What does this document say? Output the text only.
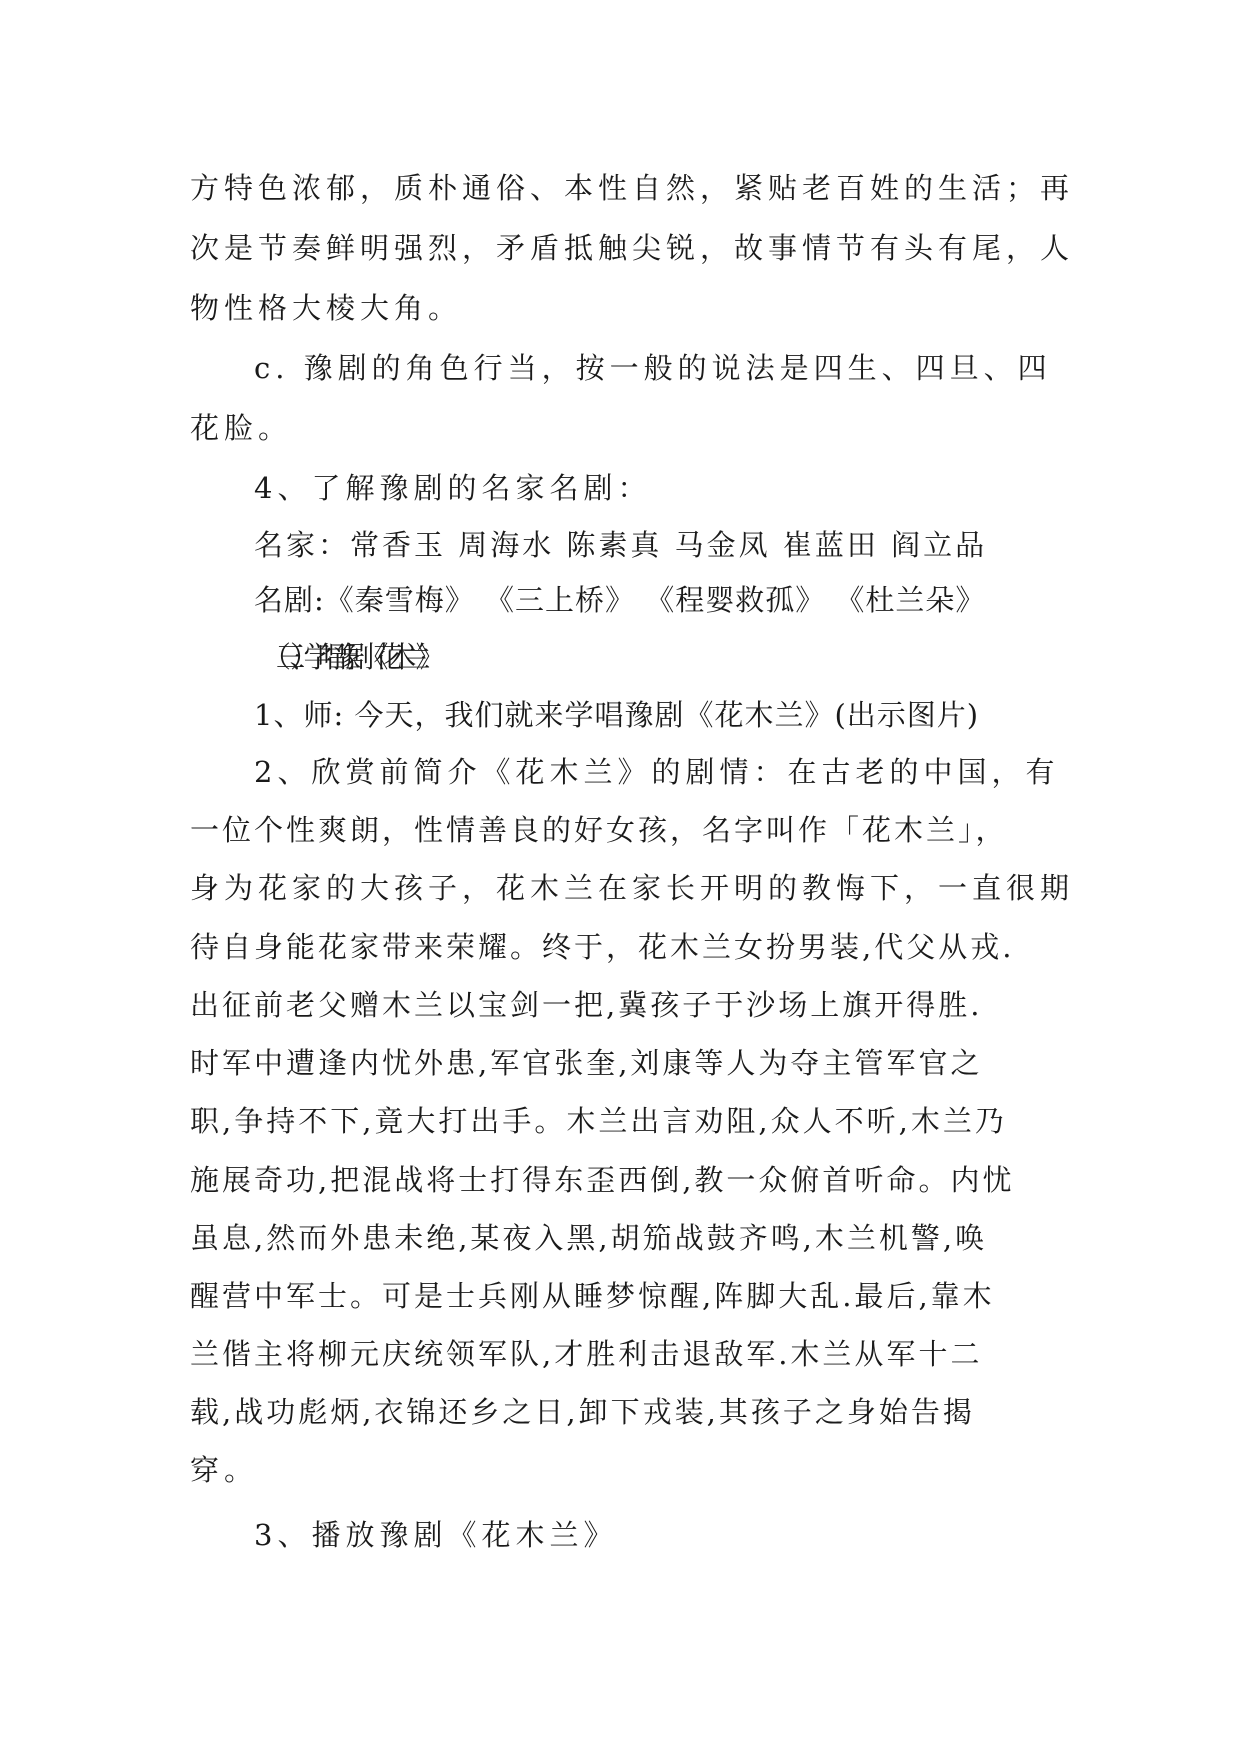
方特色浓郁，质朴通俗、本性自然，紧贴老百姓的生活；再
次是节奏鲜明强烈，矛盾抵触尖锐，故事情节有头有尾，人
物性格大棱大角。
c. 豫剧的角色行当，按一般的说法是四生、四旦、四
花脸。
4、了解豫剧的名家名剧：
名家：常香玉 周海水 陈素真 马金凤 崔蓝田 阎立品
名剧:《秦雪梅》 《三上桥》 《程婴救孤》 《杜兰朵》
（三）、学唱豫剧《花木兰》
1、师: 今天，我们就来学唱豫剧《花木兰》(出示图片)
2、欣赏前简介《花木兰》的剧情：在古老的中国，有
一位个性爽朗，性情善良的好女孩，名字叫作「花木兰」，
身为花家的大孩子，花木兰在家长开明的教悔下，一直很期
待自身能花家带来荣耀。终于，花木兰女扮男装,代父从戎.
出征前老父赠木兰以宝剑一把,冀孩子于沙场上旗开得胜.
时军中遭逢内忧外患,军官张奎,刘康等人为夺主管军官之
职,争持不下,竟大打出手。木兰出言劝阻,众人不听,木兰乃
施展奇功,把混战将士打得东歪西倒,教一众俯首听命。内忧
虽息,然而外患未绝,某夜入黑,胡笳战鼓齐鸣,木兰机警,唤
醒营中军士。可是士兵刚从睡梦惊醒,阵脚大乱.最后,靠木
兰偕主将柳元庆统领军队,才胜利击退敌军.木兰从军十二
载,战功彪炳,衣锦还乡之日,卸下戎装,其孩子之身始告揭
穿。
3、播放豫剧《花木兰》
